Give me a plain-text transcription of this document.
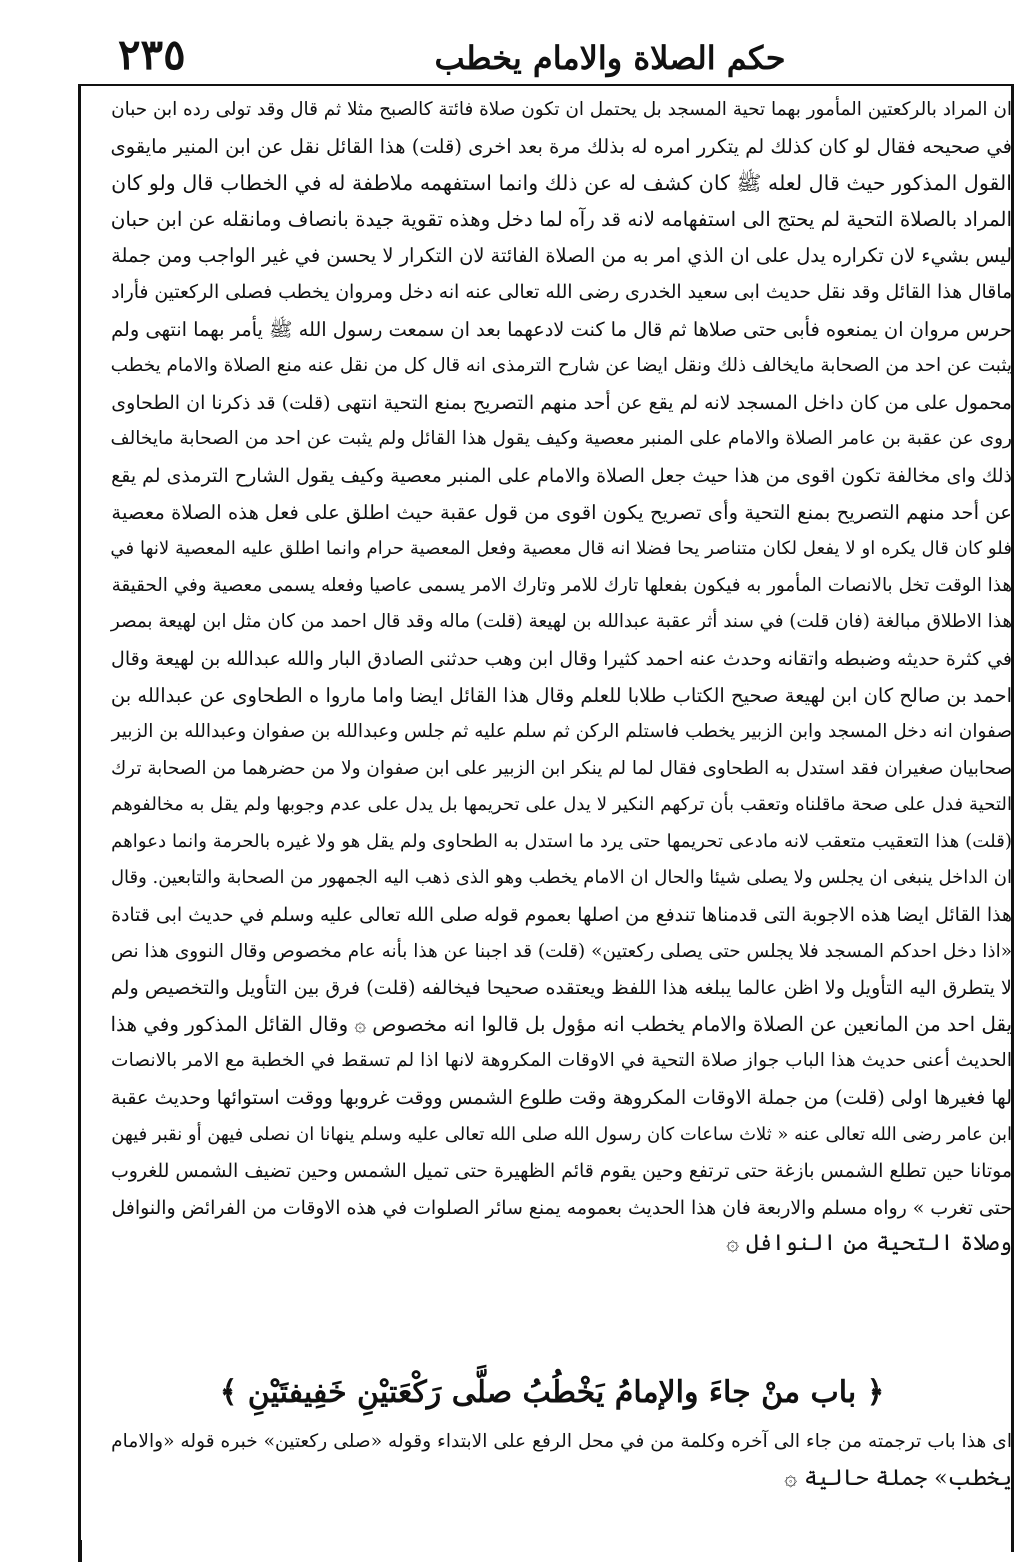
٢٣٥	حكم الصلاة والامام يخطب
ان المراد بالركعتين المأمور بهما تحية المسجد بل يحتمل ان تكون صلاة فائتة كالصبح مثلا ثم قال وقد تولى رده ابن حبان
في صحيحه فقال لو كان كذلك لم يتكرر امره له بذلك مرة بعد اخرى (قلت) هذا القائل نقل عن ابن المنير مايقوى
القول المذكور حيث قال لعله ﷺ كان كشف له عن ذلك وانما استفهمه ملاطفة له في الخطاب قال ولو كان
المراد بالصلاة التحية لم يحتج الى استفهامه لانه قد رآه لما دخل وهذه تقوية جيدة بانصاف ومانقله عن ابن حبان
ليس بشيء لان تكراره يدل على ان الذي امر به من الصلاة الفائتة لان التكرار لا يحسن في غير الواجب ومن جملة
ماقال هذا القائل وقد نقل حديث ابى سعيد الخدرى رضى الله تعالى عنه انه دخل ومروان يخطب فصلى الركعتين فأراد
حرس مروان ان يمنعوه فأبى حتى صلاها ثم قال ما كنت لادعهما بعد ان سمعت رسول الله ﷺ يأمر بهما انتهى ولم
يثبت عن احد من الصحابة مايخالف ذلك ونقل ايضا عن شارح الترمذى انه قال كل من نقل عنه منع الصلاة والامام يخطب
محمول على من كان داخل المسجد لانه لم يقع عن أحد منهم التصريح بمنع التحية انتهى (قلت) قد ذكرنا ان الطحاوى
روى عن عقبة بن عامر الصلاة والامام على المنبر معصية وكيف يقول هذا القائل ولم يثبت عن احد من الصحابة مايخالف
ذلك واى مخالفة تكون اقوى من هذا حيث جعل الصلاة والامام على المنبر معصية وكيف يقول الشارح الترمذى لم يقع
عن أحد منهم التصريح بمنع التحية وأى تصريح يكون اقوى من قول عقبة حيث اطلق على فعل هذه الصلاة معصية
فلو كان قال يكره او لا يفعل لكان متناصر يحا فضلا انه قال معصية وفعل المعصية حرام وانما اطلق عليه المعصية لانها في
هذا الوقت تخل بالانصات المأمور به فيكون بفعلها تارك للامر وتارك الامر يسمى عاصيا وفعله يسمى معصية وفي الحقيقة
هذا الاطلاق مبالغة (فان قلت) في سند أثر عقبة عبدالله بن لهيعة (قلت) ماله وقد قال احمد من كان مثل ابن لهيعة بمصر
في كثرة حديثه وضبطه واتقانه وحدث عنه احمد كثيرا وقال ابن وهب حدثنى الصادق البار والله عبدالله بن لهيعة وقال
احمد بن صالح كان ابن لهيعة صحيح الكتاب طلابا للعلم وقال هذا القائل ايضا واما ماروا ه الطحاوى عن عبدالله بن
صفوان انه دخل المسجد وابن الزبير يخطب فاستلم الركن ثم سلم عليه ثم جلس وعبدالله بن صفوان وعبدالله بن الزبير
صحابيان صغيران فقد استدل به الطحاوى فقال لما لم ينكر ابن الزبير على ابن صفوان ولا من حضرهما من الصحابة ترك
التحية فدل على صحة ماقلناه وتعقب بأن تركهم النكير لا يدل على تحريمها بل يدل على عدم وجوبها ولم يقل به مخالفوهم
(قلت) هذا التعقيب متعقب لانه مادعى تحريمها حتى يرد ما استدل به الطحاوى ولم يقل هو ولا غيره بالحرمة وانما دعواهم
ان الداخل ينبغى ان يجلس ولا يصلى شيئا والحال ان الامام يخطب وهو الذى ذهب اليه الجمهور من الصحابة والتابعين. وقال
هذا القائل ايضا هذه الاجوبة التى قدمناها تندفع من اصلها بعموم قوله صلى الله تعالى عليه وسلم في حديث ابى قتادة
«اذا دخل احدكم المسجد فلا يجلس حتى يصلى ركعتين» (قلت) قد اجبنا عن هذا بأنه عام مخصوص وقال النووى هذا نص
لا يتطرق اليه التأويل ولا اظن عالما يبلغه هذا اللفظ ويعتقده صحيحا فيخالفه (قلت) فرق بين التأويل والتخصيص ولم
يقل احد من المانعين عن الصلاة والامام يخطب انه مؤول بل قالوا انه مخصوص ۞ وقال القائل المذكور وفي هذا
الحديث أعنى حديث هذا الباب جواز صلاة التحية في الاوقات المكروهة لانها اذا لم تسقط في الخطبة مع الامر بالانصات
لها فغيرها اولى (قلت) من جملة الاوقات المكروهة وقت طلوع الشمس ووقت غروبها ووقت استوائها وحديث عقبة
ابن عامر رضى الله تعالى عنه « ثلاث ساعات كان رسول الله صلى الله تعالى عليه وسلم ينهانا ان نصلى فيهن أو نقبر فيهن
موتانا حين تطلع الشمس بازغة حتى ترتفع وحين يقوم قائم الظهيرة حتى تميل الشمس وحين تضيف الشمس للغروب
حتى تغرب » رواه مسلم والاربعة فان هذا الحديث بعمومه يمنع سائر الصلوات في هذه الاوقات من الفرائض والنوافل
وصلاة التحية من النوافل ۞
﴿ باب منْ جاءَ والإمامُ يَخْطُبُ صلَّى رَكْعَتيْنِ خَفِيفتَيْنِ ﴾
اى هذا باب ترجمته من جاء الى آخره وكلمة من في محل الرفع على الابتداء وقوله «صلى ركعتين» خبره قوله «والامام
يخطب» جملة حالية ۞
